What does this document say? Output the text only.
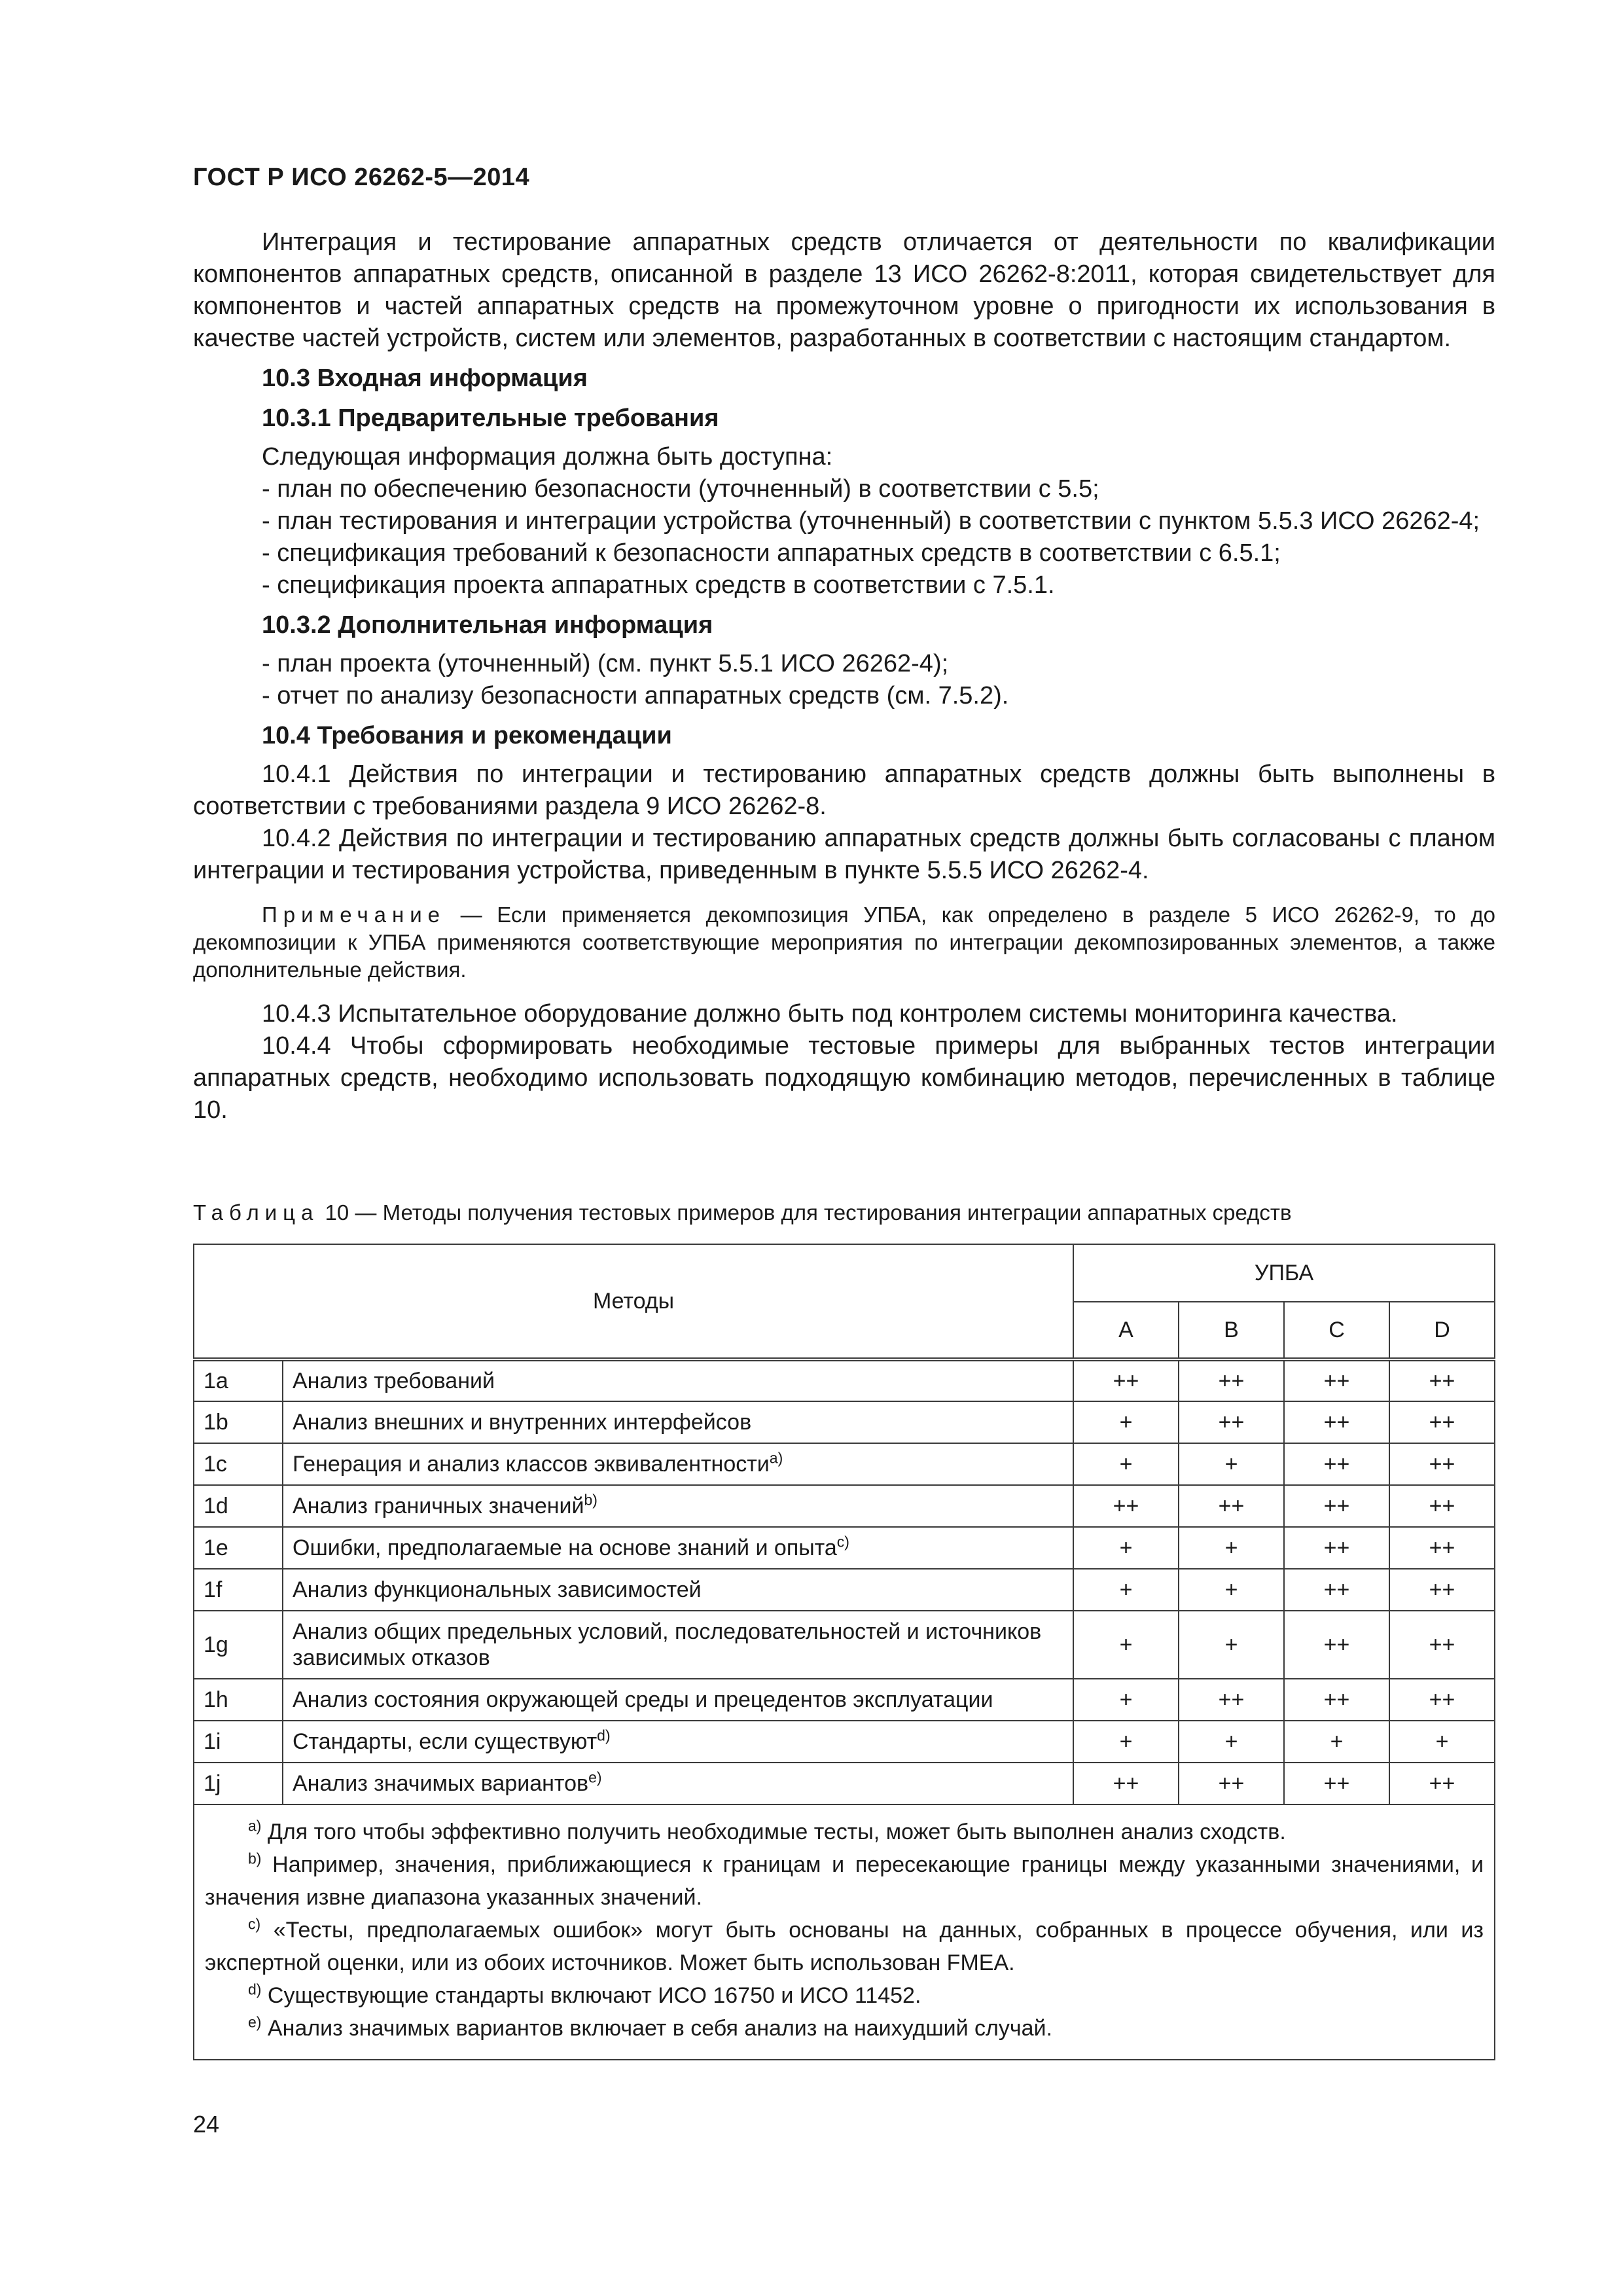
ГОСТ Р ИСО 26262-5—2014

Интеграция и тестирование аппаратных средств отличается от деятельности по квалификации компонентов аппаратных средств, описанной в разделе 13 ИСО 26262-8:2011, которая свидетельствует для компонентов и частей аппаратных средств на промежуточном уровне о пригодности их использования в качестве частей устройств, систем или элементов, разработанных в соответствии с настоящим стандартом.

10.3 Входная информация

10.3.1 Предварительные требования

Следующая информация должна быть доступна:

- план по обеспечению безопасности (уточненный) в соответствии с 5.5;

- план тестирования и интеграции устройства (уточненный) в соответствии с пунктом 5.5.3 ИСО 26262-4;

- спецификация требований к безопасности аппаратных средств в соответствии с 6.5.1;

- спецификация проекта аппаратных средств в соответствии с 7.5.1.

10.3.2 Дополнительная информация

- план проекта (уточненный) (см. пункт 5.5.1 ИСО 26262-4);

- отчет по анализу безопасности аппаратных средств (см. 7.5.2).

10.4 Требования и рекомендации

10.4.1 Действия по интеграции и тестированию аппаратных средств должны быть выполнены в соответствии с требованиями раздела 9 ИСО 26262-8.

10.4.2 Действия по интеграции и тестированию аппаратных средств должны быть согласованы с планом интеграции и тестирования устройства, приведенным в пункте 5.5.5 ИСО 26262-4.

Примечание — Если применяется декомпозиция УПБА, как определено в разделе 5 ИСО 26262-9, то до декомпозиции к УПБА применяются соответствующие мероприятия по интеграции декомпозированных элементов, а также дополнительные действия.

10.4.3 Испытательное оборудование должно быть под контролем системы мониторинга качества.

10.4.4 Чтобы сформировать необходимые тестовые примеры для выбранных тестов интеграции аппаратных средств, необходимо использовать подходящую комбинацию методов, перечисленных в таблице 10.

Таблица 10 — Методы получения тестовых примеров для тестирования интеграции аппаратных средств
Методы		УПБА			
		A	B	C	D
1a	Анализ требований	++	++	++	++
1b	Анализ внешних и внутренних интерфейсов	+	++	++	++
1c	Генерация и анализ классов эквивалентности$^{a)}$	+	+	++	++
1d	Анализ граничных значений$^{b)}$	++	++	++	++
1e	Ошибки, предполагаемые на основе знаний и опыта$^{c)}$	+	+	++	++
1f	Анализ функциональных зависимостей	+	+	++	++
1g	Анализ общих предельных условий, последовательностей и источников зависимых отказов	+	+	++	++
1h	Анализ состояния окружающей среды и прецедентов эксплуатации	+	++	++	++
1i	Стандарты, если существуют$^{d)}$	+	+	+	+
1j	Анализ значимых вариантов$^{e)}$	++	++	++	++

$^{a)}$ Для того чтобы эффективно получить необходимые тесты, может быть выполнен анализ сходств.
$^{b)}$ Например, значения, приближающиеся к границам и пересекающие границы между указанными значениями, и значения извне диапазона указанных значений.
$^{c)}$ «Тесты, предполагаемых ошибок» могут быть основаны на данных, собранных в процессе обучения, или из экспертной оценки, или из обоих источников. Может быть использован FMEA.
$^{d)}$ Существующие стандарты включают ИСО 16750 и ИСО 11452.
$^{e)}$ Анализ значимых вариантов включает в себя анализ на наихудший случай.					
24
